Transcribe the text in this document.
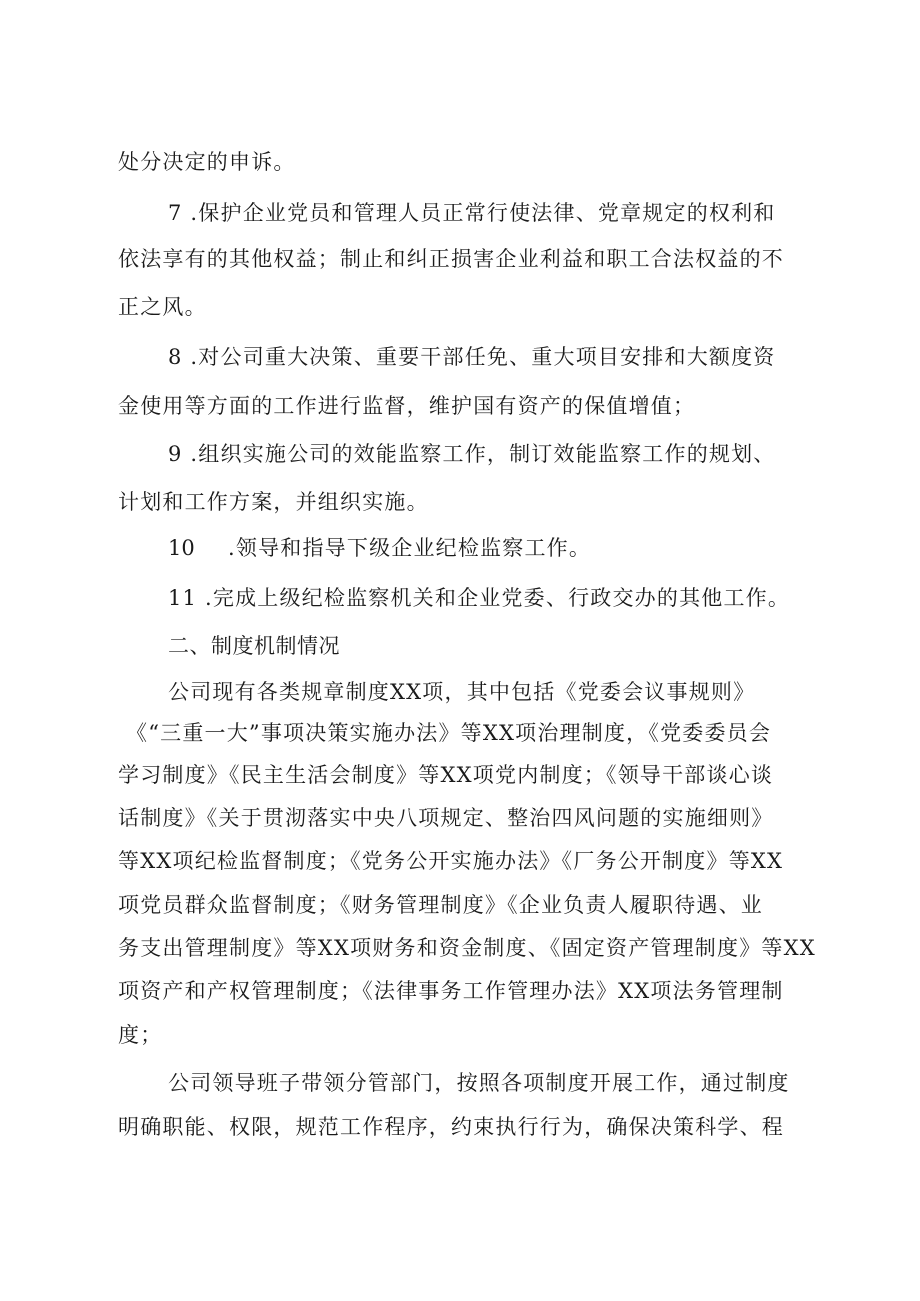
处分决定的申诉。
7 .保护企业党员和管理人员正常行使法律、党章规定的权利和
依法享有的其他权益；制止和纠正损害企业利益和职工合法权益的不
正之风。
8 .对公司重大决策、重要干部任免、重大项目安排和大额度资
金使用等方面的工作进行监督，维护国有资产的保值增值；
9 .组织实施公司的效能监察工作，制订效能监察工作的规划、
计划和工作方案，并组织实施。
10 .领导和指导下级企业纪检监察工作。
11 .完成上级纪检监察机关和企业党委、行政交办的其他工作。
二、制度机制情况
公司现有各类规章制度XX项，其中包括《党委会议事规则》
《“三重一大”事项决策实施办法》等XX项治理制度，《党委委员会
学习制度》《民主生活会制度》等XX项党内制度；《领导干部谈心谈
话制度》《关于贯沏落实中央八项规定、整治四风问题的实施细则》
等XX项纪检监督制度；《党务公开实施办法》《厂务公开制度》等XX
项党员群众监督制度；《财务管理制度》《企业负责人履职待遇、业
务支出管理制度》等XX项财务和资金制度、《固定资产管理制度》等XX
项资产和产权管理制度；《法律事务工作管理办法》XX项法务管理制
度；
公司领导班子带领分管部门，按照各项制度开展工作，通过制度
明确职能、权限，规范工作程序，约束执行行为，确保决策科学、程
